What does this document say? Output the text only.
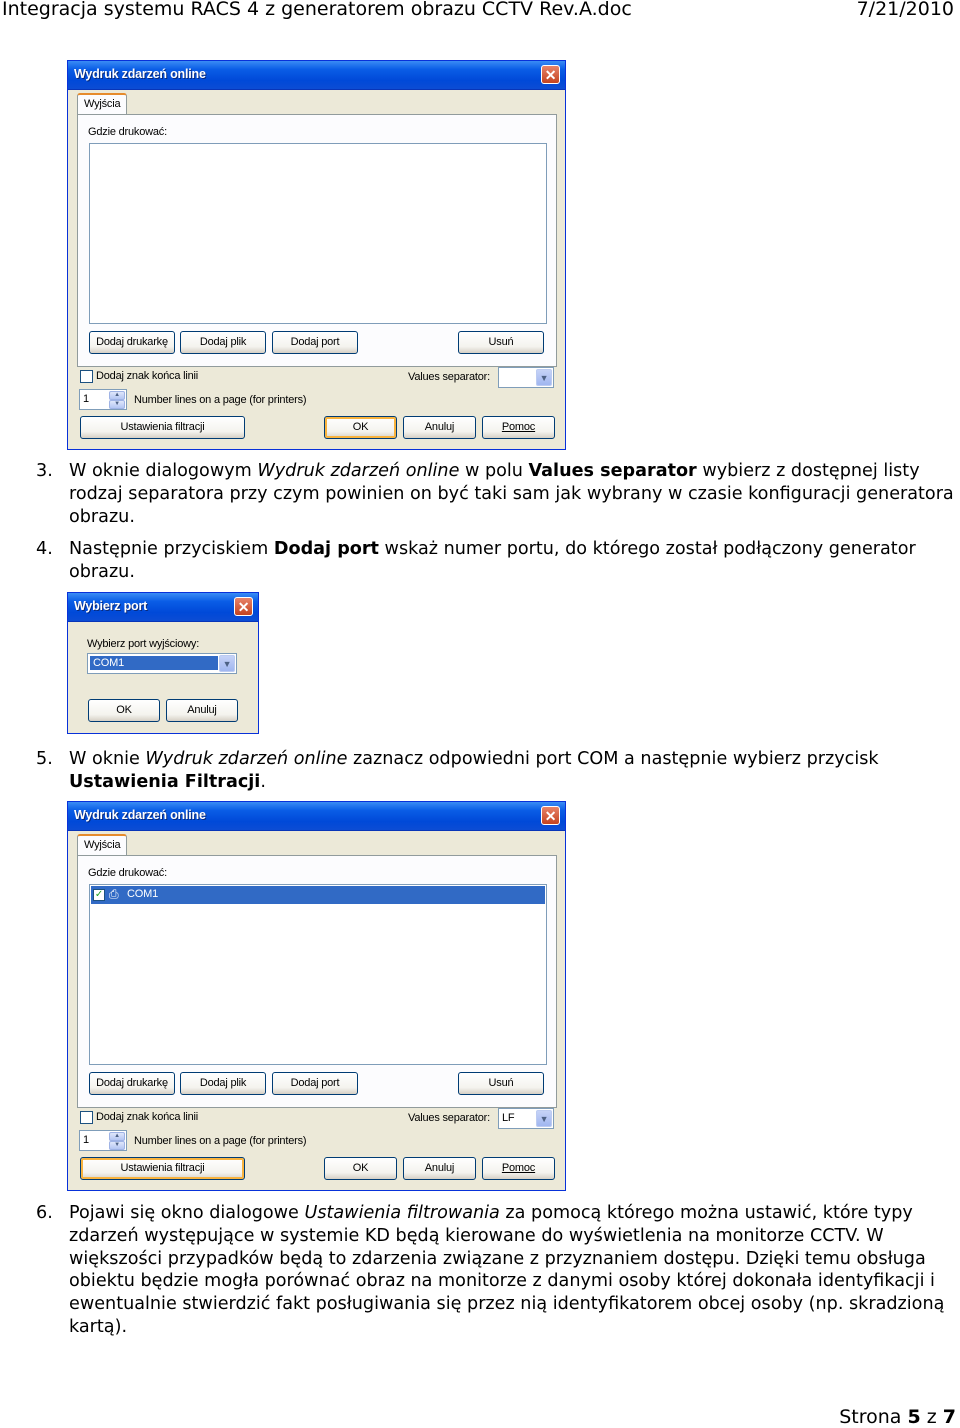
Integracja systemu RACS 4 z generatorem obrazu CCTV Rev.A.doc	7/21/2010
Wydruk zdarzeń online	✕
Wyjścia
Gdzie drukować:
Dodaj drukarkę	Dodaj plik	Dodaj port	Usuń
Dodaj znak końca linii	Values separator:	▼
1	▲
▼	Number lines on a page (for printers)
Ustawienia filtracji	OK	Anuluj	Pomoc
3. W oknie dialogowym Wydruk zdarzeń online w polu Values separator wybierz z dostępnej listy rodzaj separatora przy czym powinien on być taki sam jak wybrany w czasie konfiguracji generatora obrazu.
4. Następnie przyciskiem Dodaj port wskaż numer portu, do którego został podłączony generator obrazu.
Wybierz port	✕
Wybierz port wyjściowy:
COM1	▼
OK	Anuluj
5. W oknie Wydruk zdarzeń online zaznacz odpowiedni port COM a następnie wybierz przycisk Ustawienia Filtracji.
Wydruk zdarzeń online	✕
Wyjścia
Gdzie drukować:
✓ ⎙ COM1
Dodaj drukarkę	Dodaj plik	Dodaj port	Usuń
Dodaj znak końca linii	Values separator: LF	▼
1	▲
▼	Number lines on a page (for printers)
Ustawienia filtracji	OK	Anuluj	Pomoc
6. Pojawi się okno dialogowe Ustawienia filtrowania za pomocą którego można ustawić, które typy zdarzeń występujące w systemie KD będą kierowane do wyświetlenia na monitorze CCTV. W większości przypadków będą to zdarzenia związane z przyznaniem dostępu. Dzięki temu obsługa obiektu będzie mogła porównać obraz na monitorze z danymi osoby której dokonała identyfikacji i ewentualnie stwierdzić fakt posługiwania się przez nią identyfikatorem obcej osoby (np. skradzioną kartą).
Strona 5 z 7
